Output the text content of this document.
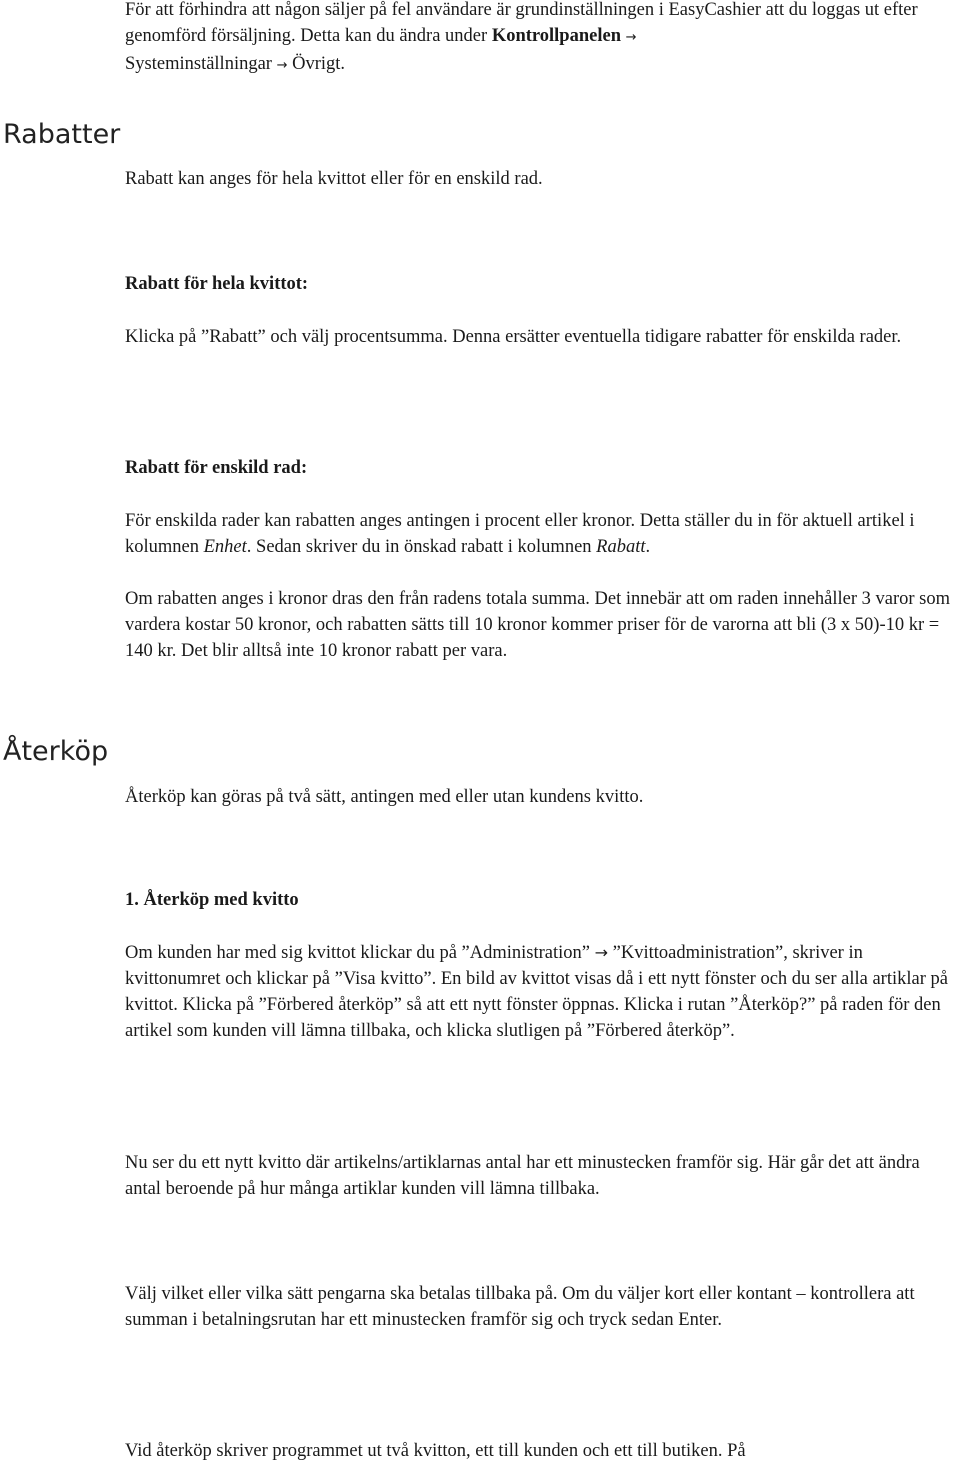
För att förhindra att någon säljer på fel användare är grundinställningen i EasyCashier att du loggas ut efter genomförd försäljning. Detta kan du ändra under Kontrollpanelen →
Systeminställningar → Övrigt.

Rabatter

Rabatt kan anges för hela kvittot eller för en enskild rad.

Rabatt för hela kvittot:

Klicka på ”Rabatt” och välj procentsumma. Denna ersätter eventuella tidigare rabatter för enskilda rader.

Rabatt för enskild rad:

För enskilda rader kan rabatten anges antingen i procent eller kronor. Detta ställer du in för aktuell artikel i kolumnen Enhet. Sedan skriver du in önskad rabatt i kolumnen Rabatt.

Om rabatten anges i kronor dras den från radens totala summa. Det innebär att om raden innehåller 3 varor som vardera kostar 50 kronor, och rabatten sätts till 10 kronor kommer priser för de varorna att bli (3 x 50)-10 kr = 140 kr. Det blir alltså inte 10 kronor rabatt per vara.

Återköp

Återköp kan göras på två sätt, antingen med eller utan kundens kvitto.

1. Återköp med kvitto

Om kunden har med sig kvittot klickar du på ”Administration” → ”Kvittoadministration”, skriver in kvittonumret och klickar på ”Visa kvitto”. En bild av kvittot visas då i ett nytt fönster och du ser alla artiklar på kvittot. Klicka på ”Förbered återköp” så att ett nytt fönster öppnas. Klicka i rutan ”Återköp?” på raden för den artikel som kunden vill lämna tillbaka, och klicka slutligen på ”Förbered återköp”.

Nu ser du ett nytt kvitto där artikelns/artiklarnas antal har ett minustecken framför sig. Här går det att ändra antal beroende på hur många artiklar kunden vill lämna tillbaka.

Välj vilket eller vilka sätt pengarna ska betalas tillbaka på. Om du väljer kort eller kontant – kontrollera att summan i betalningsrutan har ett minustecken framför sig och tryck sedan Enter.

Vid återköp skriver programmet ut två kvitton, ett till kunden och ett till butiken. På
